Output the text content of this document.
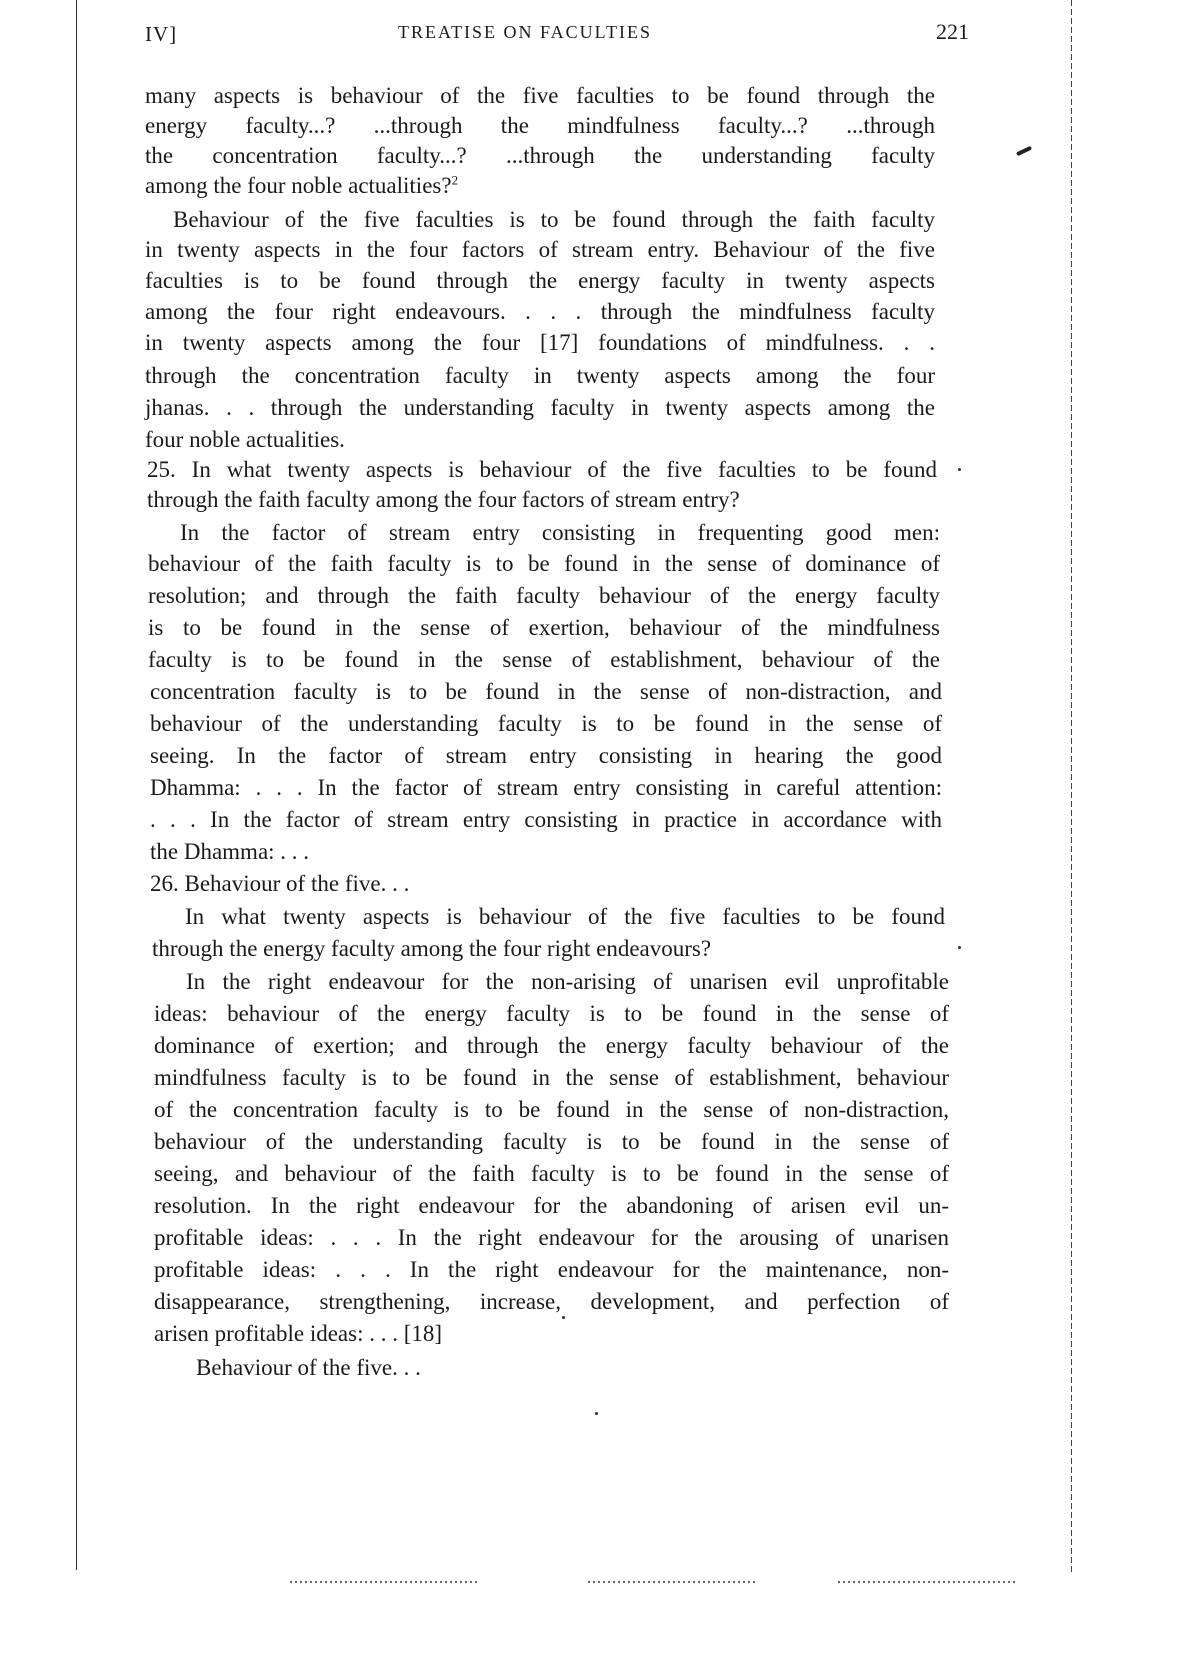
IV]	TREATISE ON FACULTIES	221
many aspects is behaviour of the five faculties to be found through the
energy faculty...? ...through the mindfulness faculty...? ...through
the concentration faculty...? ...through the understanding faculty
among the four noble actualities?$^2$
Behaviour of the five faculties is to be found through the faith faculty
in twenty aspects in the four factors of stream entry. Behaviour of the five
faculties is to be found through the energy faculty in twenty aspects
among the four right endeavours. . . . through the mindfulness faculty
in twenty aspects among the four [17] foundations of mindfulness. . .
through the concentration faculty in twenty aspects among the four
jhanas. . . through the understanding faculty in twenty aspects among the
four noble actualities.
25. In what twenty aspects is behaviour of the five faculties to be found
through the faith faculty among the four factors of stream entry?
In the factor of stream entry consisting in frequenting good men:
behaviour of the faith faculty is to be found in the sense of dominance of
resolution; and through the faith faculty behaviour of the energy faculty
is to be found in the sense of exertion, behaviour of the mindfulness
faculty is to be found in the sense of establishment, behaviour of the
concentration faculty is to be found in the sense of non-distraction, and
behaviour of the understanding faculty is to be found in the sense of
seeing. In the factor of stream entry consisting in hearing the good
Dhamma: . . . In the factor of stream entry consisting in careful attention:
. . . In the factor of stream entry consisting in practice in accordance with
the Dhamma: . . .
26. Behaviour of the five. . .
In what twenty aspects is behaviour of the five faculties to be found
through the energy faculty among the four right endeavours?
In the right endeavour for the non-arising of unarisen evil unprofitable
ideas: behaviour of the energy faculty is to be found in the sense of
dominance of exertion; and through the energy faculty behaviour of the
mindfulness faculty is to be found in the sense of establishment, behaviour
of the concentration faculty is to be found in the sense of non-distraction,
behaviour of the understanding faculty is to be found in the sense of
seeing, and behaviour of the faith faculty is to be found in the sense of
resolution. In the right endeavour for the abandoning of arisen evil un-
profitable ideas: . . . In the right endeavour for the arousing of unarisen
profitable ideas: . . . In the right endeavour for the maintenance, non-
disappearance, strengthening, increase, development, and perfection of
arisen profitable ideas: . . . [18]
Behaviour of the five. . .
